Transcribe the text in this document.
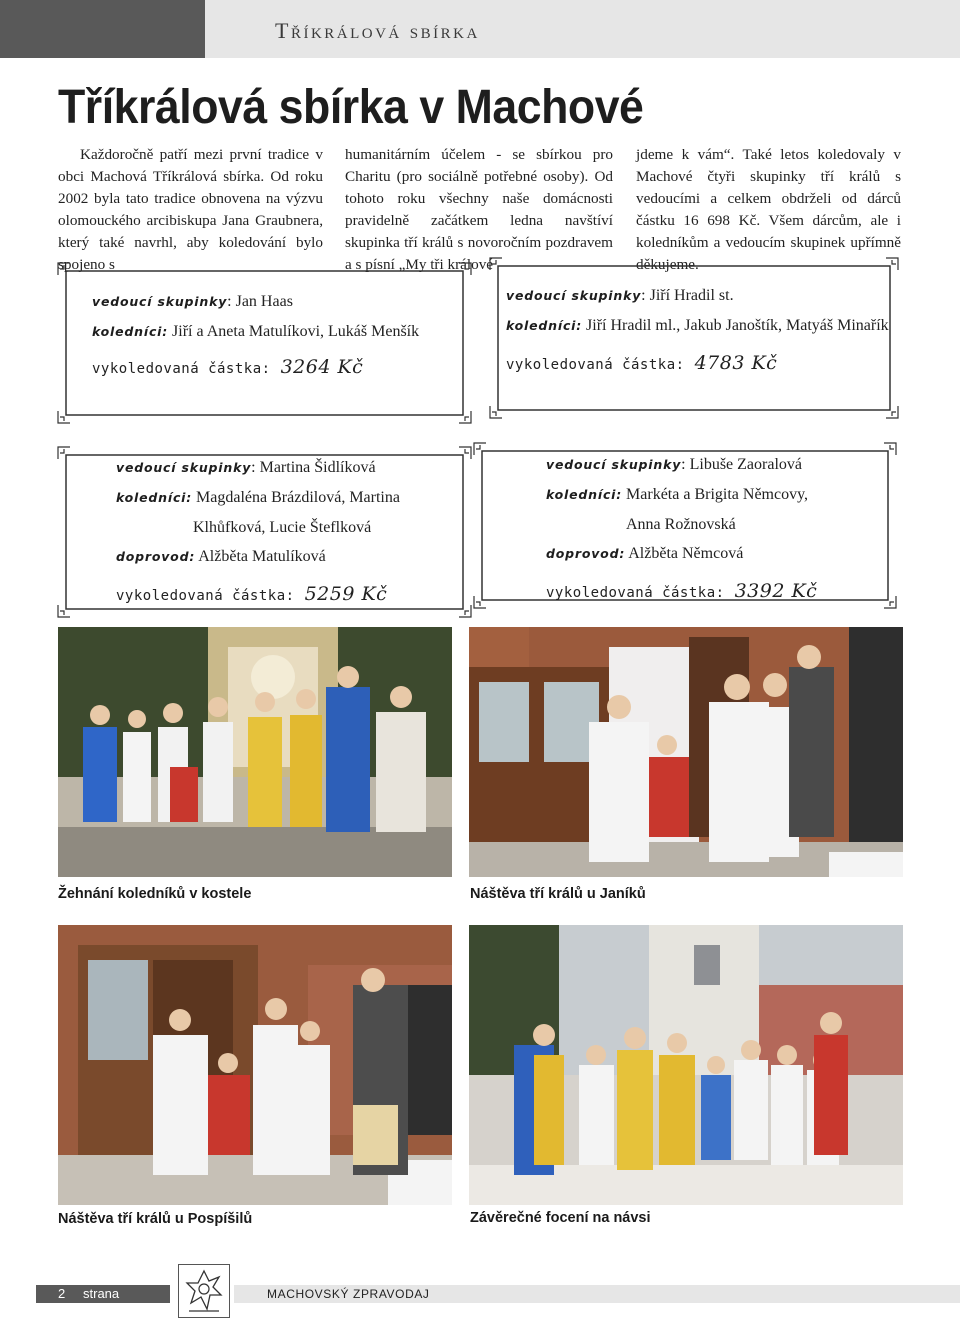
Tříkrálová sbírka
Tříkrálová sbírka v Machové
Každoročně patří mezi první tradice v obci Machová Tříkrálová sbírka. Od roku 2002 byla tato tradice obnovena na výzvu olomouckého arcibiskupa Jana Graubnera, který také navrhl, aby koledování bylo spojeno s
humanitárním účelem - se sbírkou pro Charitu (pro sociálně potřebné osoby). Od tohoto roku všechny naše domácnosti pravidelně začátkem ledna navštíví skupinka tří králů s novoročním pozdravem a s písní „My tři králové
jdeme k vám“. Také letos koledovaly v Machové čtyři skupinky tří králů s vedoucími a celkem obdrželi od dárců částku 16 698 Kč. Všem dárcům, ale i koledníkům a vedoucím skupinek upřímně děkujeme.
vedoucí skupinky: Jan Haas
koledníci: Jiří a Aneta Matulíkovi, Lukáš Menšík
vykoledovaná částka: 3264 Kč
vedoucí skupinky: Jiří Hradil st.
koledníci: Jiří Hradil ml., Jakub Janoštík, Matyáš Minařík
vykoledovaná částka: 4783 Kč
vedoucí skupinky: Martina Šidlíková
koledníci: Magdaléna Brázdilová, Martina
Klhůfková, Lucie Šteflková
doprovod: Alžběta Matulíková
vykoledovaná částka: 5259 Kč
vedoucí skupinky: Libuše Zaoralová
koledníci: Markéta a Brigita Němcovy,
Anna Rožnovská
doprovod: Alžběta Němcová
vykoledovaná částka: 3392 Kč
Žehnání koledníků v kostele	Náštěva tří králů u Janíků
Náštěva tří králů u Pospíšilů	Závěrečné focení na návsi
2 strana	MACHOVSKÝ ZPRAVODAJ
